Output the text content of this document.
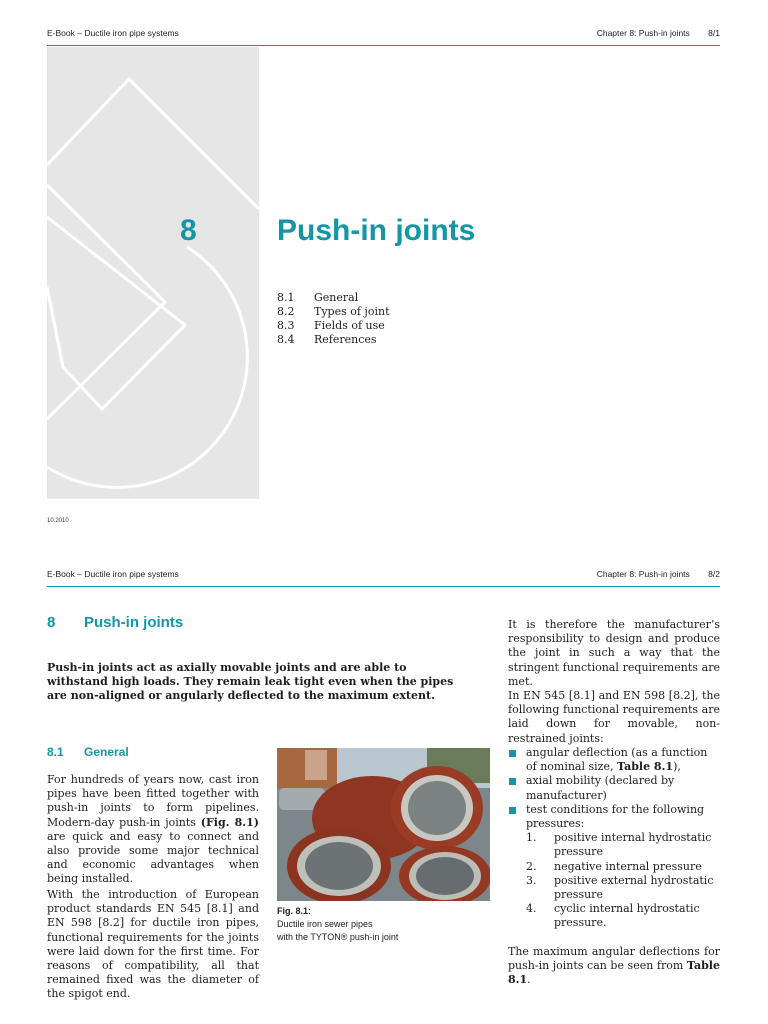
E-Book – Ductile iron pipe systems	Chapter 8: Push-in joints 8/1
8	Push-in joints
8.1	General
8.2	Types of joint
8.3	Fields of use
8.4	References
10.2010
E-Book – Ductile iron pipe systems	Chapter 8: Push-in joints 8/2
8 Push-in joints
Push-in joints act as axially movable joints and are able to withstand high loads. They remain leak tight even when the pipes are non-aligned or angularly deflected to the maximum extent.
8.1 General
For hundreds of years now, cast iron pipes have been fitted together with push-in joints to form pipelines. Modern-day push-in joints (Fig. 8.1) are quick and easy to connect and also provide some major technical and economic advantages when being installed.
With the introduction of European product standards EN 545 [8.1] and EN 598 [8.2] for ductile iron pipes, functional requirements for the joints were laid down for the first time. For reasons of compatibility, all that remained fixed was the diameter of the spigot end.
Fig. 8.1:
Ductile iron sewer pipes
with the TYTON® push-in joint
It is therefore the manufacturer’s responsibility to design and produce the joint in such a way that the stringent functional requirements are met.
In EN 545 [8.1] and EN 598 [8.2], the following functional requirements are laid down for movable, non-restrained joints:
angular deflection (as a function of nominal size, Table 8.1),
axial mobility (declared by manufacturer)
test conditions for the following pressures:
1. positive internal hydrostatic pressure
2. negative internal pressure
3. positive external hydrostatic pressure
4. cyclic internal hydrostatic pressure.
The maximum angular deflections for push-in joints can be seen from Table 8.1.
